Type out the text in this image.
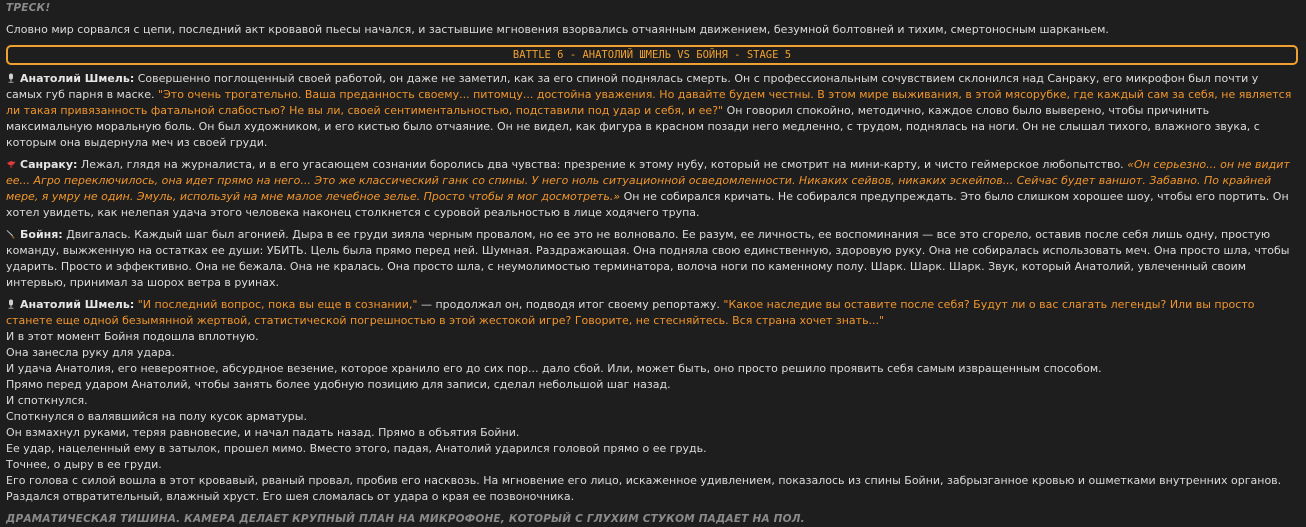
ТРЕСК!

Словно мир сорвался с цепи, последний акт кровавой пьесы начался, и застывшие мгновения взорвались отчаянным движением, безумной болтовней и тихим, смертоносным шарканьем.

BATTLE 6 - АНАТОЛИЙ ШМЕЛЬ VS БОЙНЯ - STAGE 5

Анатолий Шмель: Совершенно поглощенный своей работой, он даже не заметил, как за его спиной поднялась смерть. Он с профессиональным сочувствием склонился над Санраку, его микрофон был почти у самых губ парня в маске. "Это очень трогательно. Ваша преданность своему... питомцу... достойна уважения. Но давайте будем честны. В этом мире выживания, в этой мясорубке, где каждый сам за себя, не является ли такая привязанность фатальной слабостью? Не вы ли, своей сентиментальностью, подставили под удар и себя, и ее?" Он говорил спокойно, методично, каждое слово было выверено, чтобы причинить максимальную моральную боль. Он был художником, и его кистью было отчаяние. Он не видел, как фигура в красном позади него медленно, с трудом, поднялась на ноги. Он не слышал тихого, влажного звука, с которым она выдернула меч из своей груди.

Санраку: Лежал, глядя на журналиста, и в его угасающем сознании боролись два чувства: презрение к этому нубу, который не смотрит на мини-карту, и чисто геймерское любопытство. «Он серьезно... он не видит ее... Агро переключилось, она идет прямо на него... Это же классический ганк со спины. У него ноль ситуационной осведомленности. Никаких сейвов, никаких эскейпов... Сейчас будет ваншот. Забавно. По крайней мере, я умру не один. Эмуль, используй на мне малое лечебное зелье. Просто чтобы я мог досмотреть.» Он не собирался кричать. Не собирался предупреждать. Это было слишком хорошее шоу, чтобы его портить. Он хотел увидеть, как нелепая удача этого человека наконец столкнется с суровой реальностью в лице ходячего трупа.

Бойня: Двигалась. Каждый шаг был агонией. Дыра в ее груди зияла черным провалом, но ее это не волновало. Ее разум, ее личность, ее воспоминания — все это сгорело, оставив после себя лишь одну, простую команду, выжженную на остатках ее души: УБИТЬ. Цель была прямо перед ней. Шумная. Раздражающая. Она подняла свою единственную, здоровую руку. Она не собиралась использовать меч. Она просто шла, чтобы ударить. Просто и эффективно. Она не бежала. Она не кралась. Она просто шла, с неумолимостью терминатора, волоча ноги по каменному полу. Шарк. Шарк. Шарк. Звук, который Анатолий, увлеченный своим интервью, принимал за шорох ветра в руинах.

Анатолий Шмель: "И последний вопрос, пока вы еще в сознании," — продолжал он, подводя итог своему репортажу. "Какое наследие вы оставите после себя? Будут ли о вас слагать легенды? Или вы просто станете еще одной безымянной жертвой, статистической погрешностью в этой жестокой игре? Говорите, не стесняйтесь. Вся страна хочет знать..."

И в этот момент Бойня подошла вплотную.

Она занесла руку для удара.

И удача Анатолия, его невероятное, абсурдное везение, которое хранило его до сих пор... дало сбой. Или, может быть, оно просто решило проявить себя самым извращенным способом.

Прямо перед ударом Анатолий, чтобы занять более удобную позицию для записи, сделал небольшой шаг назад.

И споткнулся.

Споткнулся о валявшийся на полу кусок арматуры.

Он взмахнул руками, теряя равновесие, и начал падать назад. Прямо в объятия Бойни.

Ее удар, нацеленный ему в затылок, прошел мимо. Вместо этого, падая, Анатолий ударился головой прямо о ее грудь.

Точнее, о дыру в ее груди.

Его голова с силой вошла в этот кровавый, рваный провал, пробив его насквозь. На мгновение его лицо, искаженное удивлением, показалось из спины Бойни, забрызганное кровью и ошметками внутренних органов.

Раздался отвратительный, влажный хруст. Его шея сломалась от удара о края ее позвоночника.

ДРАМАТИЧЕСКАЯ ТИШИНА. КАМЕРА ДЕЛАЕТ КРУПНЫЙ ПЛАН НА МИКРОФОНЕ, КОТОРЫЙ С ГЛУХИМ СТУКОМ ПАДАЕТ НА ПОЛ.
